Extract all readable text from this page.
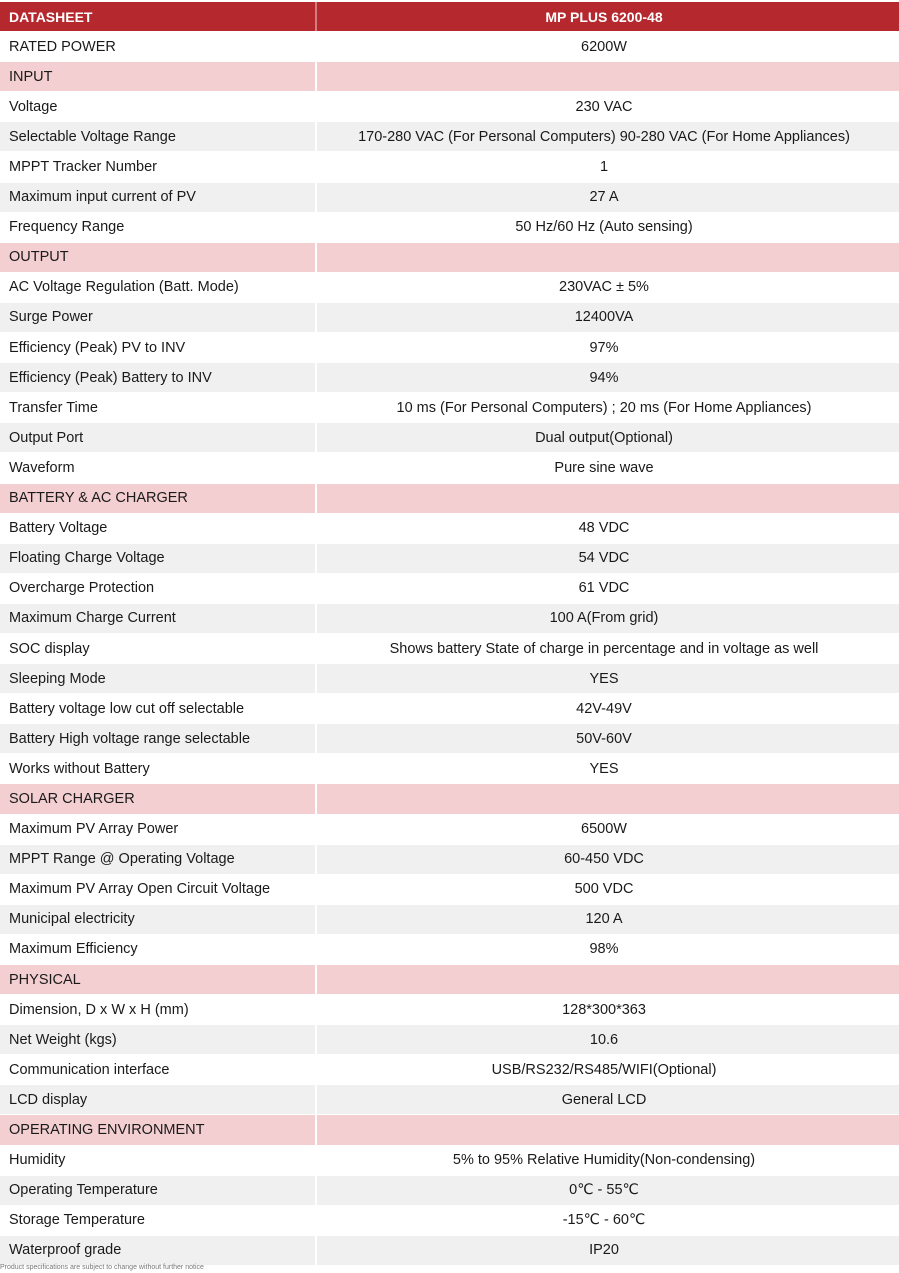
DATASHEET	MP PLUS 6200-48
RATED POWER	6200W
INPUT
Voltage	230 VAC
Selectable Voltage Range	170-280 VAC (For Personal Computers) 90-280 VAC (For Home Appliances)
MPPT Tracker Number	1
Maximum input current of PV	27 A
Frequency Range	50 Hz/60 Hz (Auto sensing)
OUTPUT
AC Voltage Regulation (Batt. Mode)	230VAC ± 5%
Surge Power	12400VA
Efficiency (Peak) PV to INV	97%
Efficiency (Peak) Battery to INV	94%
Transfer Time	10 ms (For Personal Computers) ; 20 ms (For Home Appliances)
Output Port	Dual output(Optional)
Waveform	Pure sine wave
BATTERY & AC CHARGER
Battery Voltage	48 VDC
Floating Charge Voltage	54 VDC
Overcharge Protection	61 VDC
Maximum Charge Current	100 A(From grid)
SOC display	Shows battery State of charge in percentage and in voltage as well
Sleeping Mode	YES
Battery voltage low cut off selectable	42V-49V
Battery High voltage range selectable	50V-60V
Works without Battery	YES
SOLAR CHARGER
Maximum PV Array Power	6500W
MPPT Range @ Operating Voltage	60-450 VDC
Maximum PV Array Open Circuit Voltage	500 VDC
Municipal electricity	120 A
Maximum Efficiency	98%
PHYSICAL
Dimension, D x W x H (mm)	128*300*363
Net Weight (kgs)	10.6
Communication interface	USB/RS232/RS485/WIFI(Optional)
LCD display	General LCD
OPERATING ENVIRONMENT
Humidity	5% to 95% Relative Humidity(Non-condensing)
Operating Temperature	0℃ - 55℃
Storage Temperature	-15℃ - 60℃
Waterproof grade	IP20
Product specifications are subject to change without further notice
